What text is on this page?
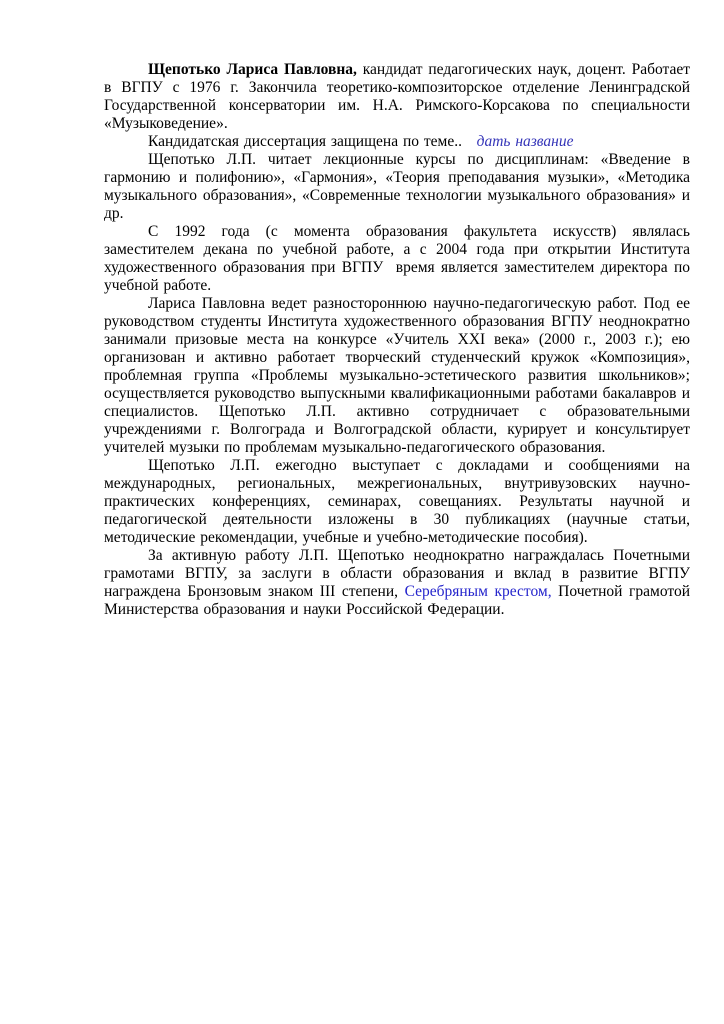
Щепотько Лариса Павловна, кандидат педагогических наук, доцент. Работает в ВГПУ с 1976 г. Закончила теоретико-композиторское отделение Ленинградской Государственной консерватории им. Н.А. Римского-Корсакова по специальности «Музыковедение».

Кандидатская диссертация защищена по теме.. дать название

Щепотько Л.П. читает лекционные курсы по дисциплинам: «Введение в гармонию и полифонию», «Гармония», «Теория преподавания музыки», «Методика музыкального образования», «Современные технологии музыкального образования» и др.

С 1992 года (с момента образования факультета искусств) являлась заместителем декана по учебной работе, а с 2004 года при открытии Института художественного образования при ВГПУ  время является заместителем директора по учебной работе.

Лариса Павловна ведет разностороннюю научно-педагогическую работ. Под ее руководством студенты Института художественного образования ВГПУ неоднократно занимали призовые места на конкурсе «Учитель XXI века» (2000 г., 2003 г.); ею организован и активно работает творческий студенческий кружок «Композиция», проблемная группа «Проблемы музыкально-эстетического развития школьников»; осуществляется руководство выпускными квалификационными работами бакалавров и специалистов. Щепотько Л.П. активно сотрудничает с образовательными учреждениями г. Волгограда и Волгоградской области, курирует и консультирует учителей музыки по проблемам музыкально-педагогического образования.

Щепотько Л.П. ежегодно выступает с докладами и сообщениями на международных, региональных, межрегиональных, внутривузовских научно-практических конференциях, семинарах, совещаниях. Результаты научной и педагогической деятельности изложены в 30 публикациях (научные статьи, методические рекомендации, учебные и учебно-методические пособия).

За активную работу Л.П. Щепотько неоднократно награждалась Почетными грамотами ВГПУ, за заслуги в области образования и вклад в развитие ВГПУ награждена Бронзовым знаком III степени, Серебряным крестом, Почетной грамотой Министерства образования и науки Российской Федерации.
